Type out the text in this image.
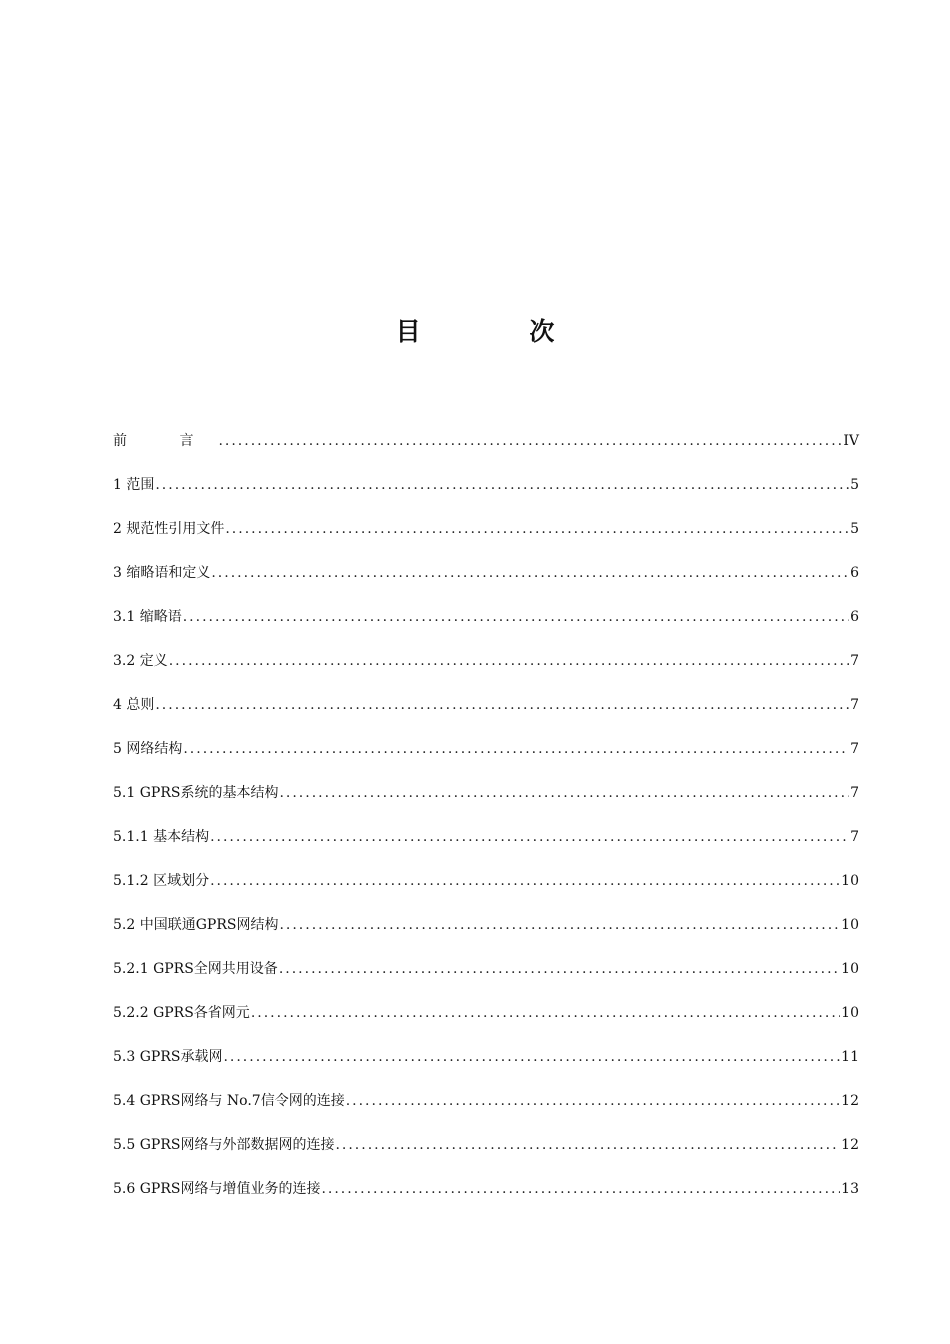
目 次
前 言 .....	IV
1 范围 .....	5
2 规范性引用文件 .....	5
3 缩略语和定义 .....	6
3.1 缩略语 .....	6
3.2 定义 .....	7
4 总则 .....	7
5 网络结构 .....	7
5.1 GPRS系统的基本结构 .....	7
5.1.1 基本结构 .....	7
5.1.2 区域划分 .....	10
5.2 中国联通GPRS网结构 .....	10
5.2.1 GPRS全网共用设备 .....	10
5.2.2 GPRS各省网元 .....	10
5.3 GPRS承载网 .....	11
5.4 GPRS网络与 No.7信令网的连接 .....	12
5.5 GPRS网络与外部数据网的连接 .....	12
5.6 GPRS网络与增值业务的连接 .....	13
